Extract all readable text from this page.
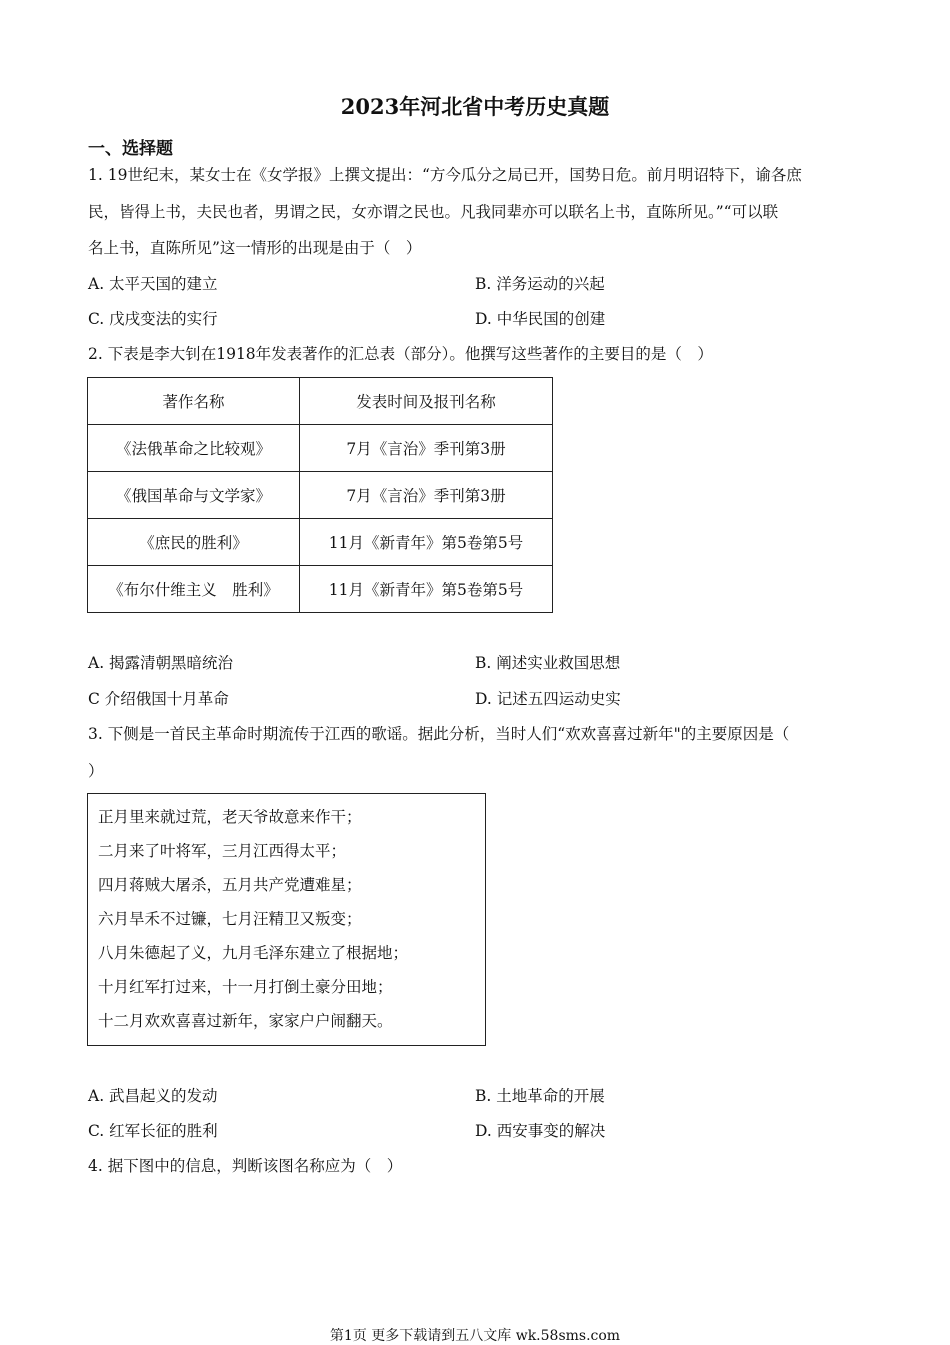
2023年河北省中考历史真题
一、选择题
1. 19世纪末，某女士在《女学报》上撰文提出：“方今瓜分之局已开，国势日危。前月明诏特下，谕各庶
民，皆得上书，夫民也者，男谓之民，女亦谓之民也。凡我同辈亦可以联名上书，直陈所见。”“可以联
名上书，直陈所见”这一情形的出现是由于（　）
A. 太平天国的建立	B. 洋务运动的兴起
C. 戊戌变法的实行	D. 中华民国的创建
2. 下表是李大钊在1918年发表著作的汇总表（部分）。他撰写这些著作的主要目的是（　）
著作名称	发表时间及报刊名称
《法俄革命之比较观》	7月《言治》季刊第3册
《俄国革命与文学家》	7月《言治》季刊第3册
《庶民的胜利》	11月《新青年》第5卷第5号
《布尔什维主义　胜利》	11月《新青年》第5卷第5号
A. 揭露清朝黑暗统治	B. 阐述实业救国思想
C 介绍俄国十月革命	D. 记述五四运动史实
3. 下侧是一首民主革命时期流传于江西的歌谣。据此分析，当时人们“欢欢喜喜过新年"的主要原因是（
）
正月里来就过荒，老天爷故意来作干；
二月来了叶将军，三月江西得太平；
四月蒋贼大屠杀，五月共产党遭难星；
六月旱禾不过镰，七月汪精卫又叛变；
八月朱德起了义，九月毛泽东建立了根据地；
十月红军打过来，十一月打倒土豪分田地；
十二月欢欢喜喜过新年，家家户户闹翻天。
A. 武昌起义的发动	B. 土地革命的开展
C. 红军长征的胜利	D. 西安事变的解决
4. 据下图中的信息，判断该图名称应为（　）
第1页 更多下载请到五八文库 wk.58sms.com
